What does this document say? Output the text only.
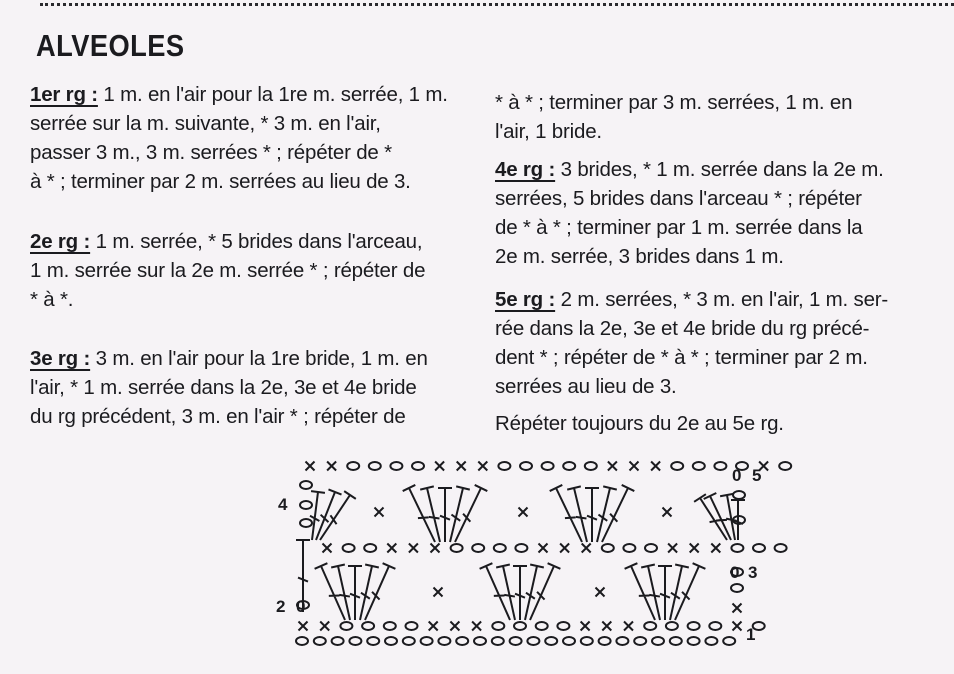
ALVEOLES

1er rg : 1 m. en l'air pour la 1re m. serrée, 1 m.

serrée sur la m. suivante, * 3 m. en l'air,

passer 3 m., 3 m. serrées * ; répéter de *

à * ; terminer par 2 m. serrées au lieu de 3.

2e rg : 1 m. serrée, * 5 brides dans l'arceau,

1 m. serrée sur la 2e m. serrée * ; répéter de

* à *.

3e rg : 3 m. en l'air pour la 1re bride, 1 m. en

l'air, * 1 m. serrée dans la 2e, 3e et 4e bride

du rg précédent, 3 m. en l'air * ; répéter de

* à * ; terminer par 3 m. serrées, 1 m. en

l'air, 1 bride.

4e rg : 3 brides, * 1 m. serrée dans la 2e m.

serrées, 5 brides dans l'arceau * ; répéter

de * à * ; terminer par 1 m. serrée dans la

2e m. serrée, 3 brides dans 1 m.

5e rg : 2 m. serrées, * 3 m. en l'air, 1 m. ser-

rée dans la 2e, 3e et 4e bride du rg précé-

dent * ; répéter de * à * ; terminer par 2 m.

serrées au lieu de 3.

Répéter toujours du 2e au 5e rg.
5
4
3
2
1
0
0
0
